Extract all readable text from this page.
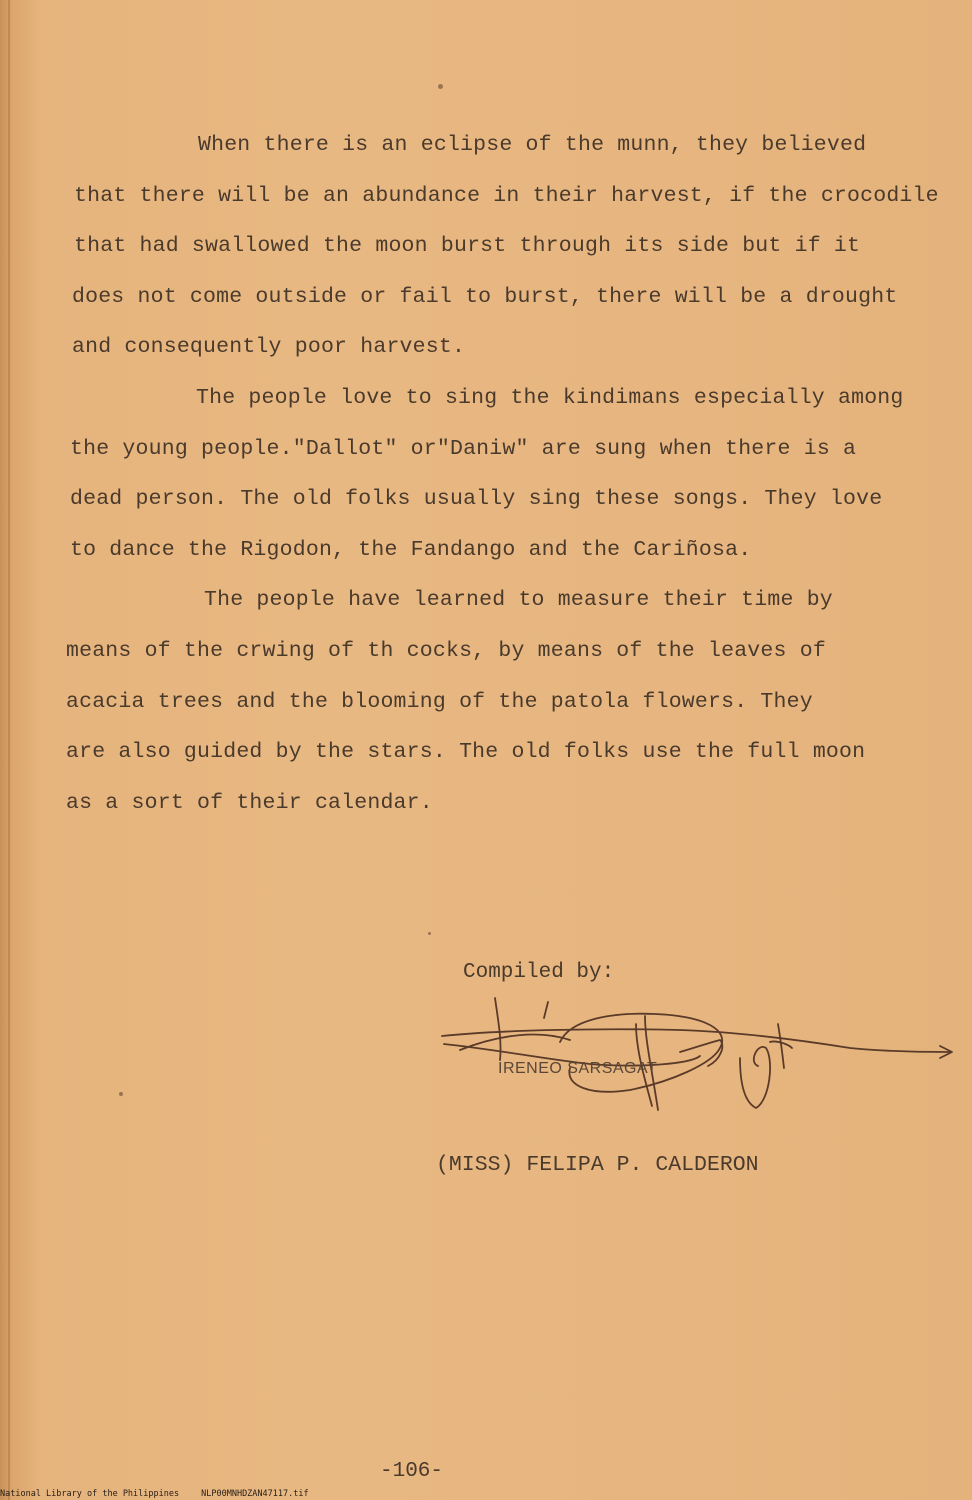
When there is an eclipse of the munn, they believed
that there will be an abundance in their harvest, if the crocodile
that had swallowed the moon burst through its side but if it
does not come outside or fail to burst, there will be a drought
and consequently poor harvest.
The people love to sing the kindimans especially among
the young people."Dallot" or"Daniw" are sung when there is a
dead person. The old folks usually sing these songs. They love
to dance the Rigodon, the Fandango and the Cariñosa.
The people have learned to measure their time by
means of the crwing of th cocks, by means of the leaves of
acacia trees and the blooming of the patola flowers. They
are also guided by the stars. The old folks use the full moon
as a sort of their calendar.
Compiled by:
IRENEO SARSAGAT
(MISS) FELIPA P. CALDERON
-106-
National Library of the Philippines	NLP00MNHDZAN47117.tif
